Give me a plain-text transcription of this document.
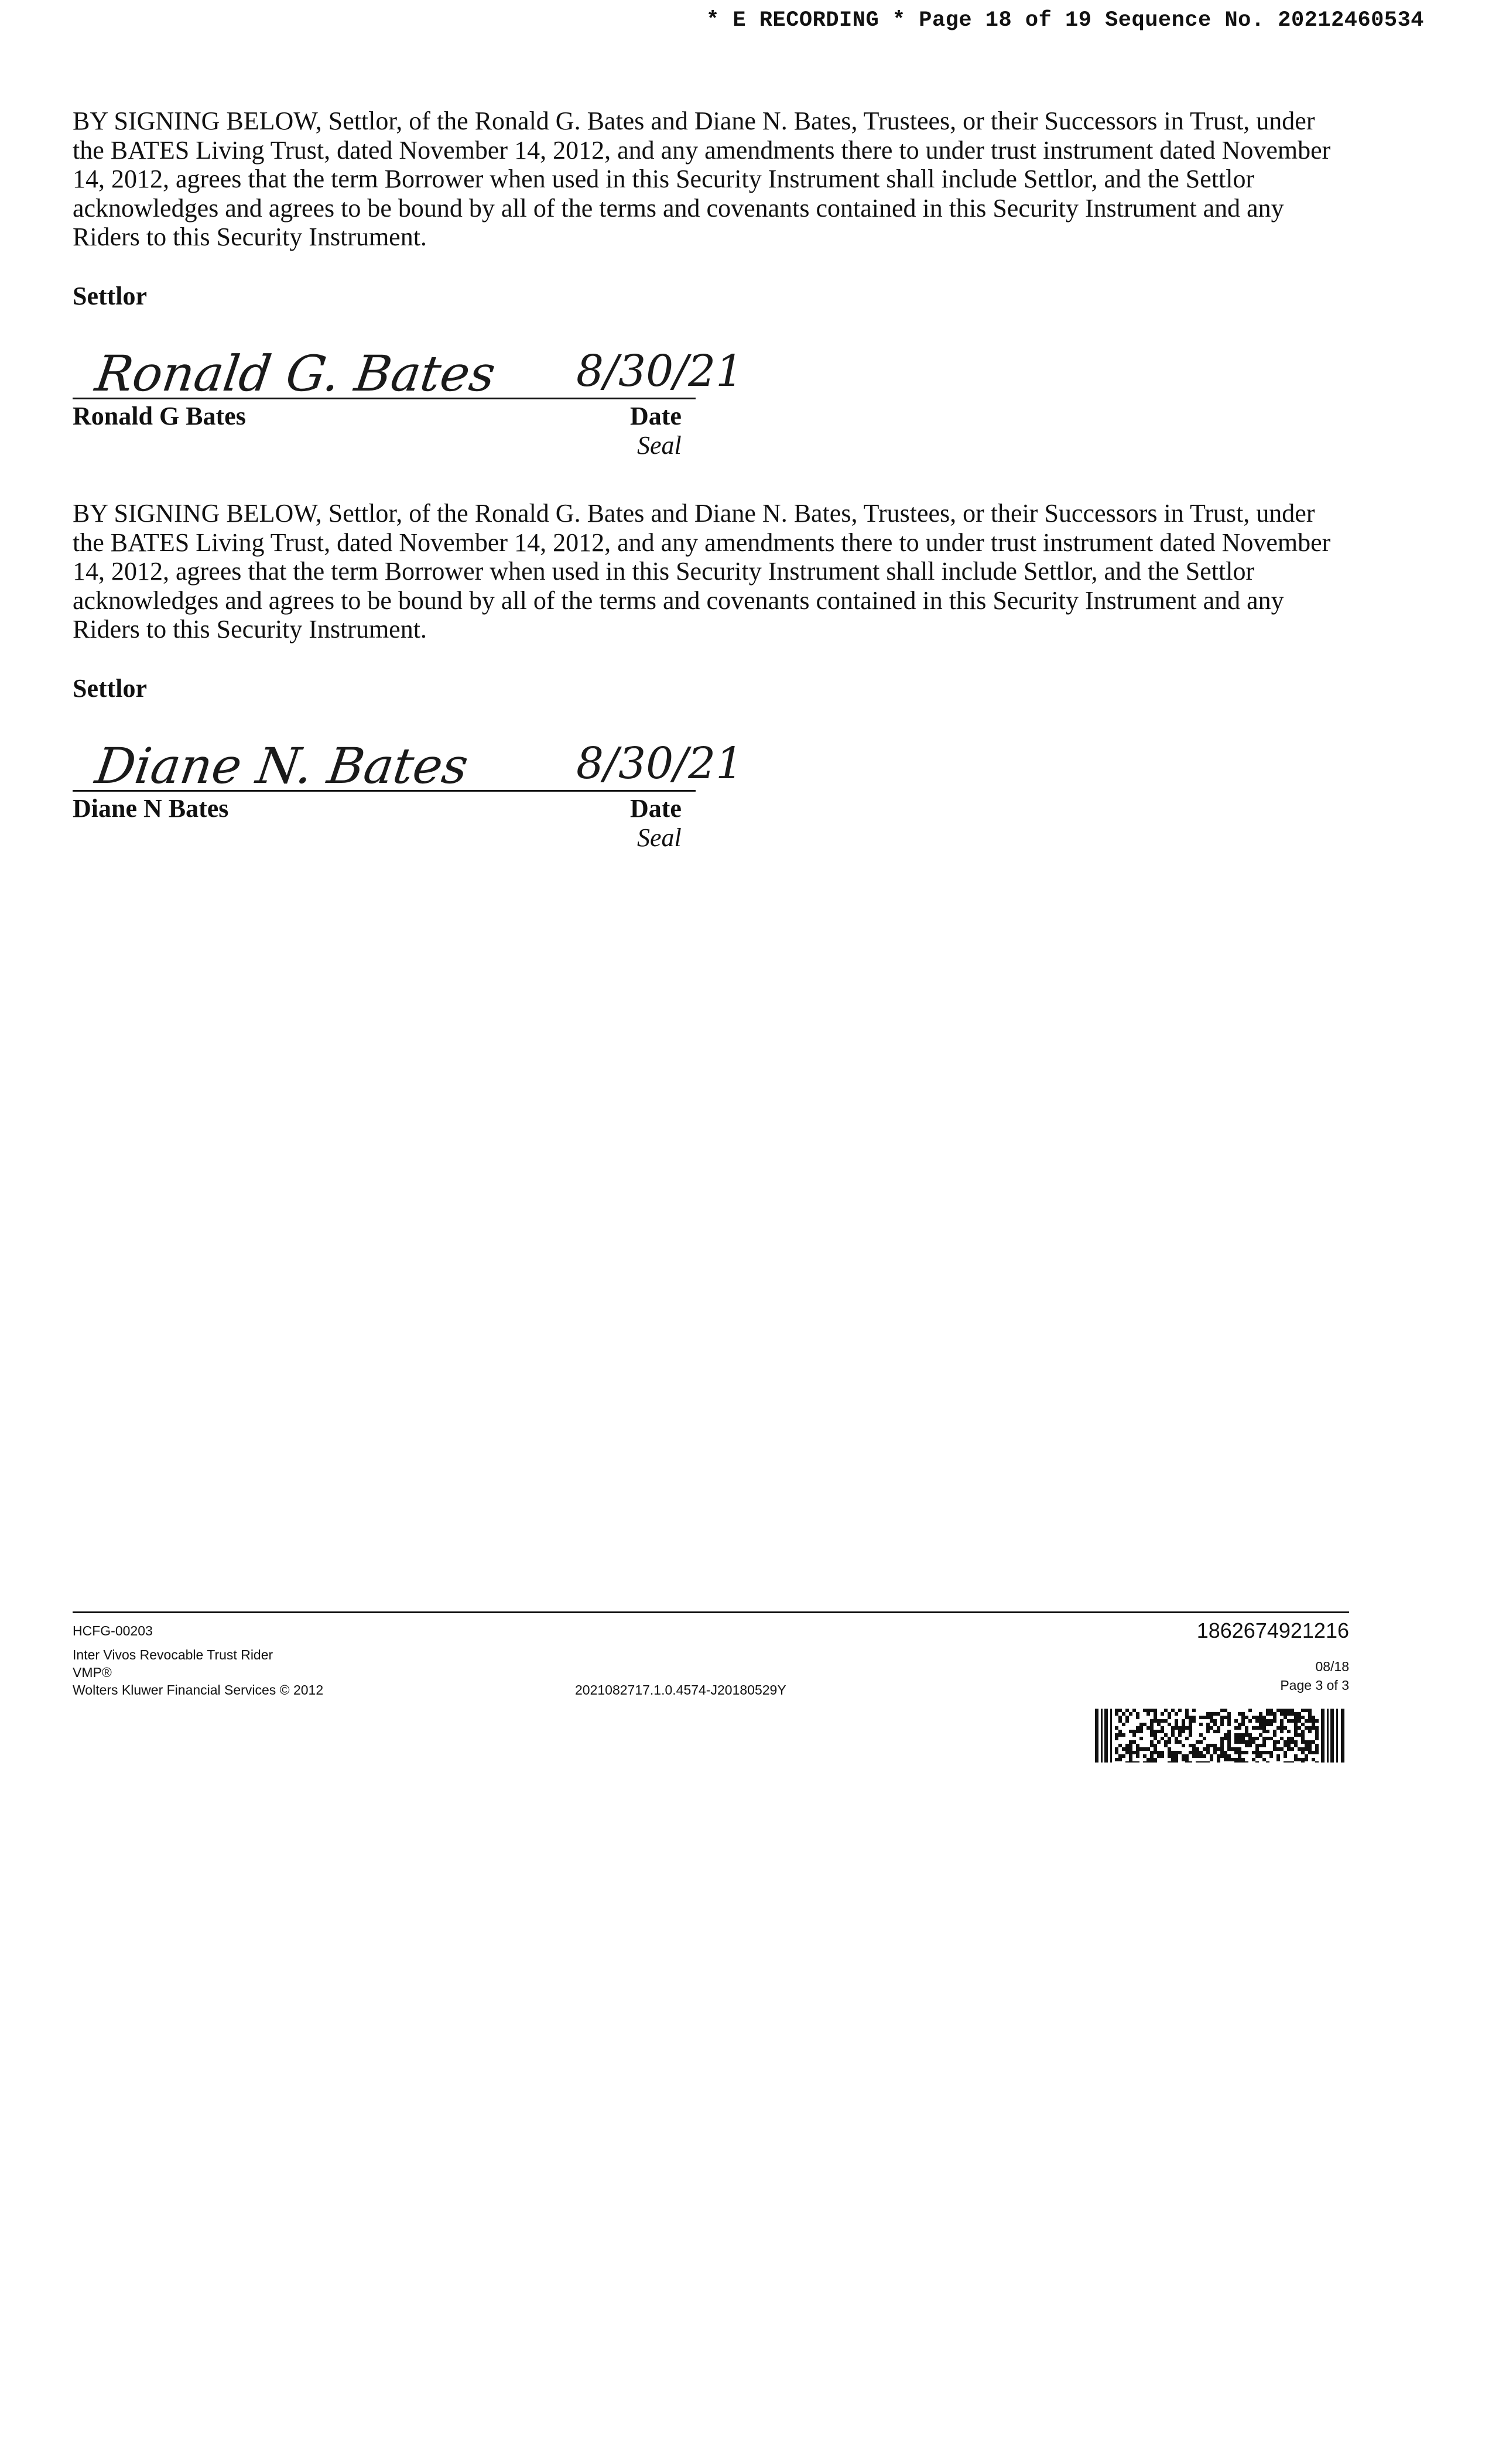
* E RECORDING * Page 18 of 19 Sequence No. 20212460534

BY SIGNING BELOW, Settlor, of the Ronald G. Bates and Diane N. Bates, Trustees, or their Successors in Trust, under the BATES Living Trust, dated November 14, 2012, and any amendments there to under trust instrument dated November 14, 2012, agrees that the term Borrower when used in this Security Instrument shall include Settlor, and the Settlor acknowledges and agrees to be bound by all of the terms and covenants contained in this Security Instrument and any Riders to this Security Instrument.

Settlor
Ronald G. Bates 8/30/21
Ronald G Bates	Date
Seal

BY SIGNING BELOW, Settlor, of the Ronald G. Bates and Diane N. Bates, Trustees, or their Successors in Trust, under the BATES Living Trust, dated November 14, 2012, and any amendments there to under trust instrument dated November 14, 2012, agrees that the term Borrower when used in this Security Instrument shall include Settlor, and the Settlor acknowledges and agrees to be bound by all of the terms and covenants contained in this Security Instrument and any Riders to this Security Instrument.

Settlor
Diane N. Bates 8/30/21
Diane N Bates	Date
Seal
HCFG-00203
Inter Vivos Revocable Trust Rider
VMP®
Wolters Kluwer Financial Services © 2012	2021082717.1.0.4574-J20180529Y
1862674921216
08/18
Page 3 of 3
